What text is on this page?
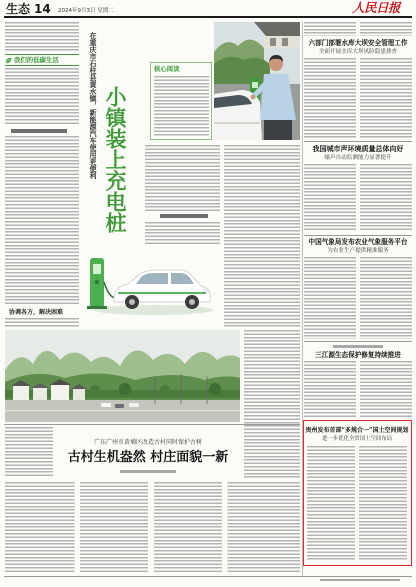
生态 14 2024年9月3日 星期二	人民日报
我们的低碳生活
协调各方，解决困难
在重庆市石柱县黄水镇，新能源汽车使用更便利 小镇装上充电桩
核心阅读
广东广州市黄埔区改造古村同时保护古树
古村生机盎然 村庄面貌一新
六部门部署水库大坝安全管理工作
全面开展水库大坝风险隐患排查
我国城市声环境质量总体向好
噪声自动监测能力显著提升
中国气象局发布农业气象服务平台
为农业生产提供精准服务
三江源生态保护修复持续推进
贵州发布首部“多规合一”国土空间规划
进一步优化全省国土空间布局
